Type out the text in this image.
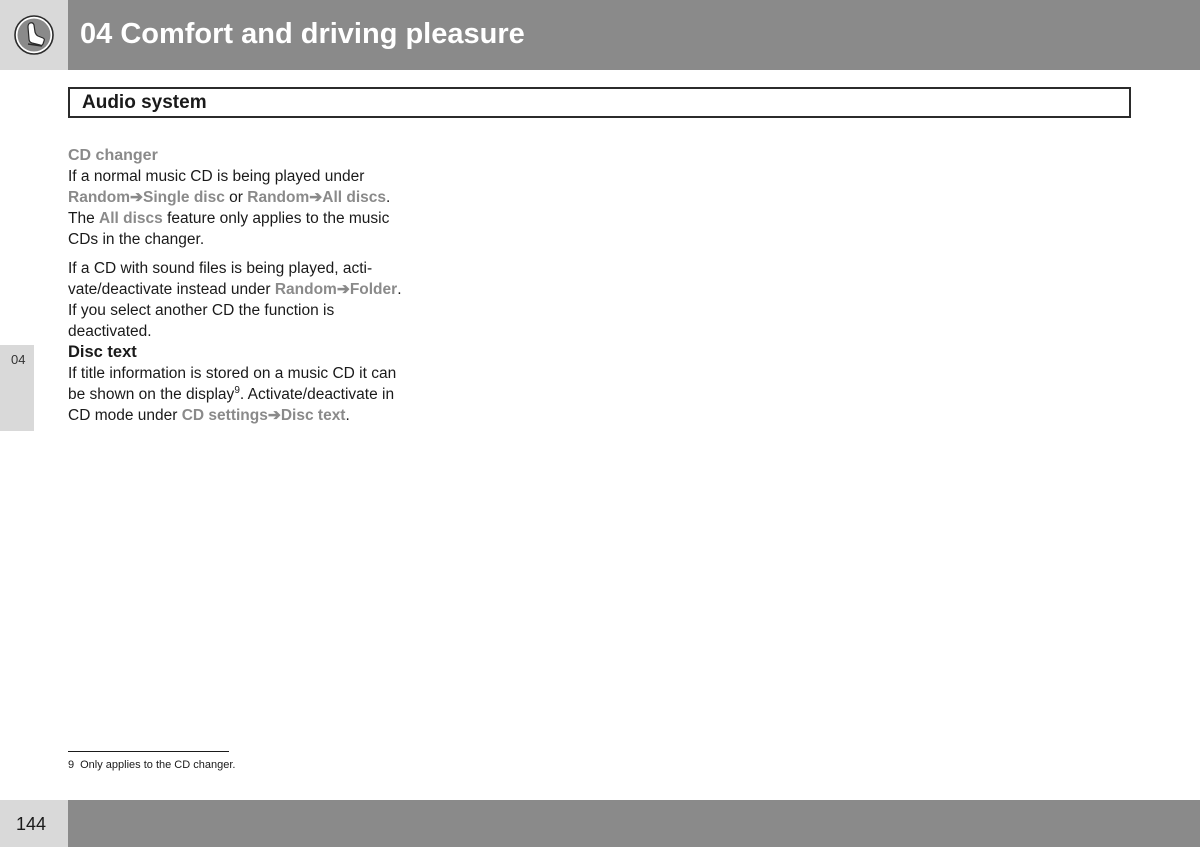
04 Comfort and driving pleasure
Audio system
04

CD changer

If a normal music CD is being played under Random➔Single disc or Random➔All discs. The All discs feature only applies to the music CDs in the changer.

If a CD with sound files is being played, acti-vate/deactivate instead under Random➔Folder. If you select another CD the function is deactivated.

Disc text

If title information is stored on a music CD it can be shown on the display$^9$. Activate/deactivate in CD mode under CD settings➔Disc text.

9 Only applies to the CD changer.
144
